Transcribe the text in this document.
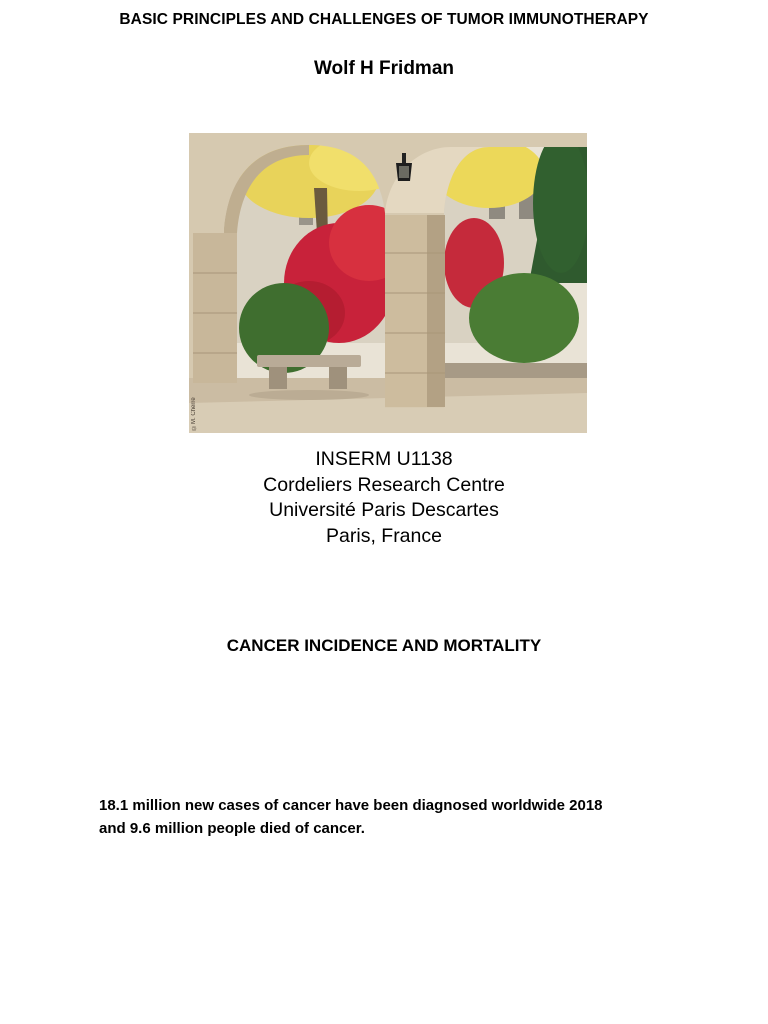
BASIC PRINCIPLES AND CHALLENGES OF TUMOR IMMUNOTHERAPY
Wolf H Fridman
©M. Cherré
INSERM U1138
Cordeliers Research Centre
Université Paris Descartes
Paris, France
CANCER INCIDENCE AND MORTALITY
18.1 million new cases of cancer have been diagnosed worldwide 2018
and 9.6 million people died of cancer.
